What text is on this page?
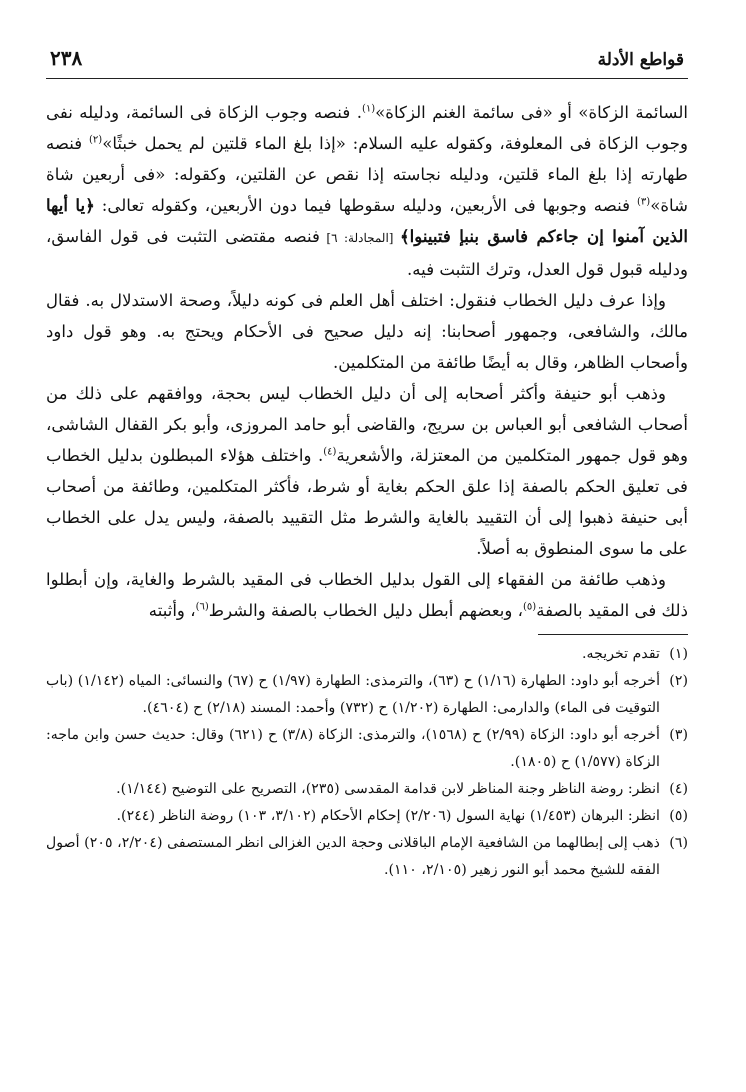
قواطع الأدلة
٢٣٨

السائمة الزكاة» أو «فى سائمة الغنم الزكاة»$^{(١)}$. فنصه وجوب الزكاة فى السائمة، ودليله نفى وجوب الزكاة فى المعلوفة، وكقوله عليه السلام: «إذا بلغ الماء قلتين لم يحمل خبثًا»$^{(٢)}$ فنصه طهارته إذا بلغ الماء قلتين، ودليله نجاسته إذا نقص عن القلتين، وكقوله: «فى أربعين شاة شاة»$^{(٣)}$ فنصه وجوبها فى الأربعين، ودليله سقوطها فيما دون الأربعين، وكقوله تعالى: ﴿يا أيها الذين آمنوا إن جاءكم فاسق بنبإ فتبينوا﴾ [المجادلة: ٦] فنصه مقتضى التثبت فى قول الفاسق، ودليله قبول قول العدل، وترك التثبت فيه.

وإذا عرف دليل الخطاب فنقول: اختلف أهل العلم فى كونه دليلاً، وصحة الاستدلال به. فقال مالك، والشافعى، وجمهور أصحابنا: إنه دليل صحيح فى الأحكام ويحتج به. وهو قول داود وأصحاب الظاهر، وقال به أيضًا طائفة من المتكلمين.

وذهب أبو حنيفة وأكثر أصحابه إلى أن دليل الخطاب ليس بحجة، ووافقهم على ذلك من أصحاب الشافعى أبو العباس بن سريج، والقاضى أبو حامد المروزى، وأبو بكر القفال الشاشى، وهو قول جمهور المتكلمين من المعتزلة، والأشعرية$^{(٤)}$. واختلف هؤلاء المبطلون بدليل الخطاب فى تعليق الحكم بالصفة إذا علق الحكم بغاية أو شرط، فأكثر المتكلمين، وطائفة من أصحاب أبى حنيفة ذهبوا إلى أن التقييد بالغاية والشرط مثل التقييد بالصفة، وليس يدل على الخطاب على ما سوى المنطوق به أصلاً.

وذهب طائفة من الفقهاء إلى القول بدليل الخطاب فى المقيد بالشرط والغاية، وإن أبطلوا ذلك فى المقيد بالصفة$^{(٥)}$، وبعضهم أبطل دليل الخطاب بالصفة والشرط$^{(٦)}$، وأثبته

(١)
تقدم تخريجه.
(٢)
أخرجه أبو داود: الطهارة (١/١٦) ح (٦٣)، والترمذى: الطهارة (١/٩٧) ح (٦٧) والنسائى: المياه (١/١٤٢) (باب التوقيت فى الماء) والدارمى: الطهارة (١/٢٠٢) ح (٧٣٢) وأحمد: المسند (٢/١٨) ح (٤٦٠٤).
(٣)
أخرجه أبو داود: الزكاة (٢/٩٩) ح (١٥٦٨)، والترمذى: الزكاة (٣/٨) ح (٦٢١) وقال: حديث حسن وابن ماجه: الزكاة (١/٥٧٧) ح (١٨٠٥).
(٤)
انظر: روضة الناظر وجنة المناظر لابن قدامة المقدسى (٢٣٥)، التصريح على التوضيح (١/١٤٤).
(٥)
انظر: البرهان (١/٤٥٣) نهاية السول (٢/٢٠٦) إحكام الأحكام (٣/١٠٢، ١٠٣) روضة الناظر (٢٤٤).
(٦)
ذهب إلى إبطالهما من الشافعية الإمام الباقلانى وحجة الدين الغزالى انظر المستصفى (٢/٢٠٤، ٢٠٥) أصول الفقه للشيخ محمد أبو النور زهير (٢/١٠٥، ١١٠).
